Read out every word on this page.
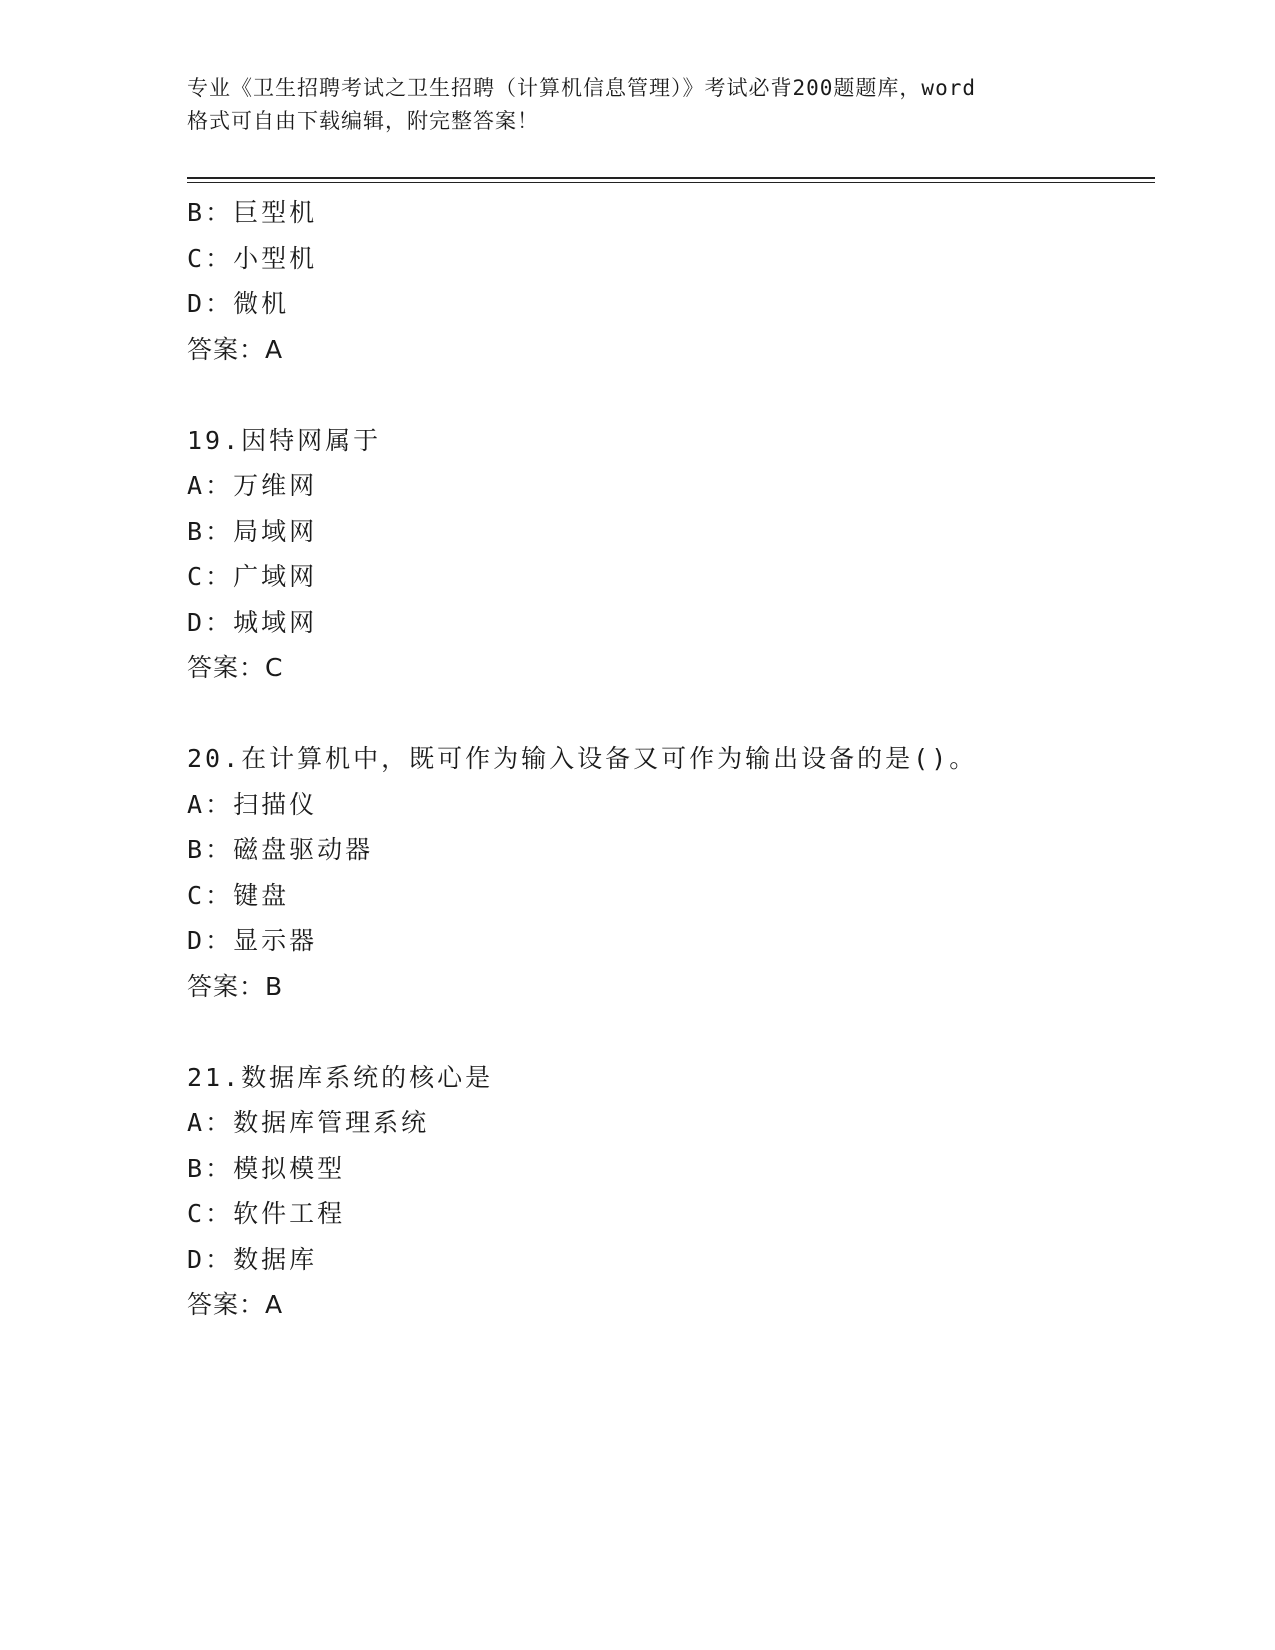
专业《卫生招聘考试之卫生招聘（计算机信息管理）》考试必背200题题库，word

格式可自由下载编辑，附完整答案！

B：巨型机
C：小型机
D：微机
答案：A
19.因特网属于
A：万维网
B：局域网
C：广域网
D：城域网
答案：C
20.在计算机中，既可作为输入设备又可作为输出设备的是()。
A：扫描仪
B：磁盘驱动器
C：键盘
D：显示器
答案：B
21.数据库系统的核心是
A：数据库管理系统
B：模拟模型
C：软件工程
D：数据库
答案：A
